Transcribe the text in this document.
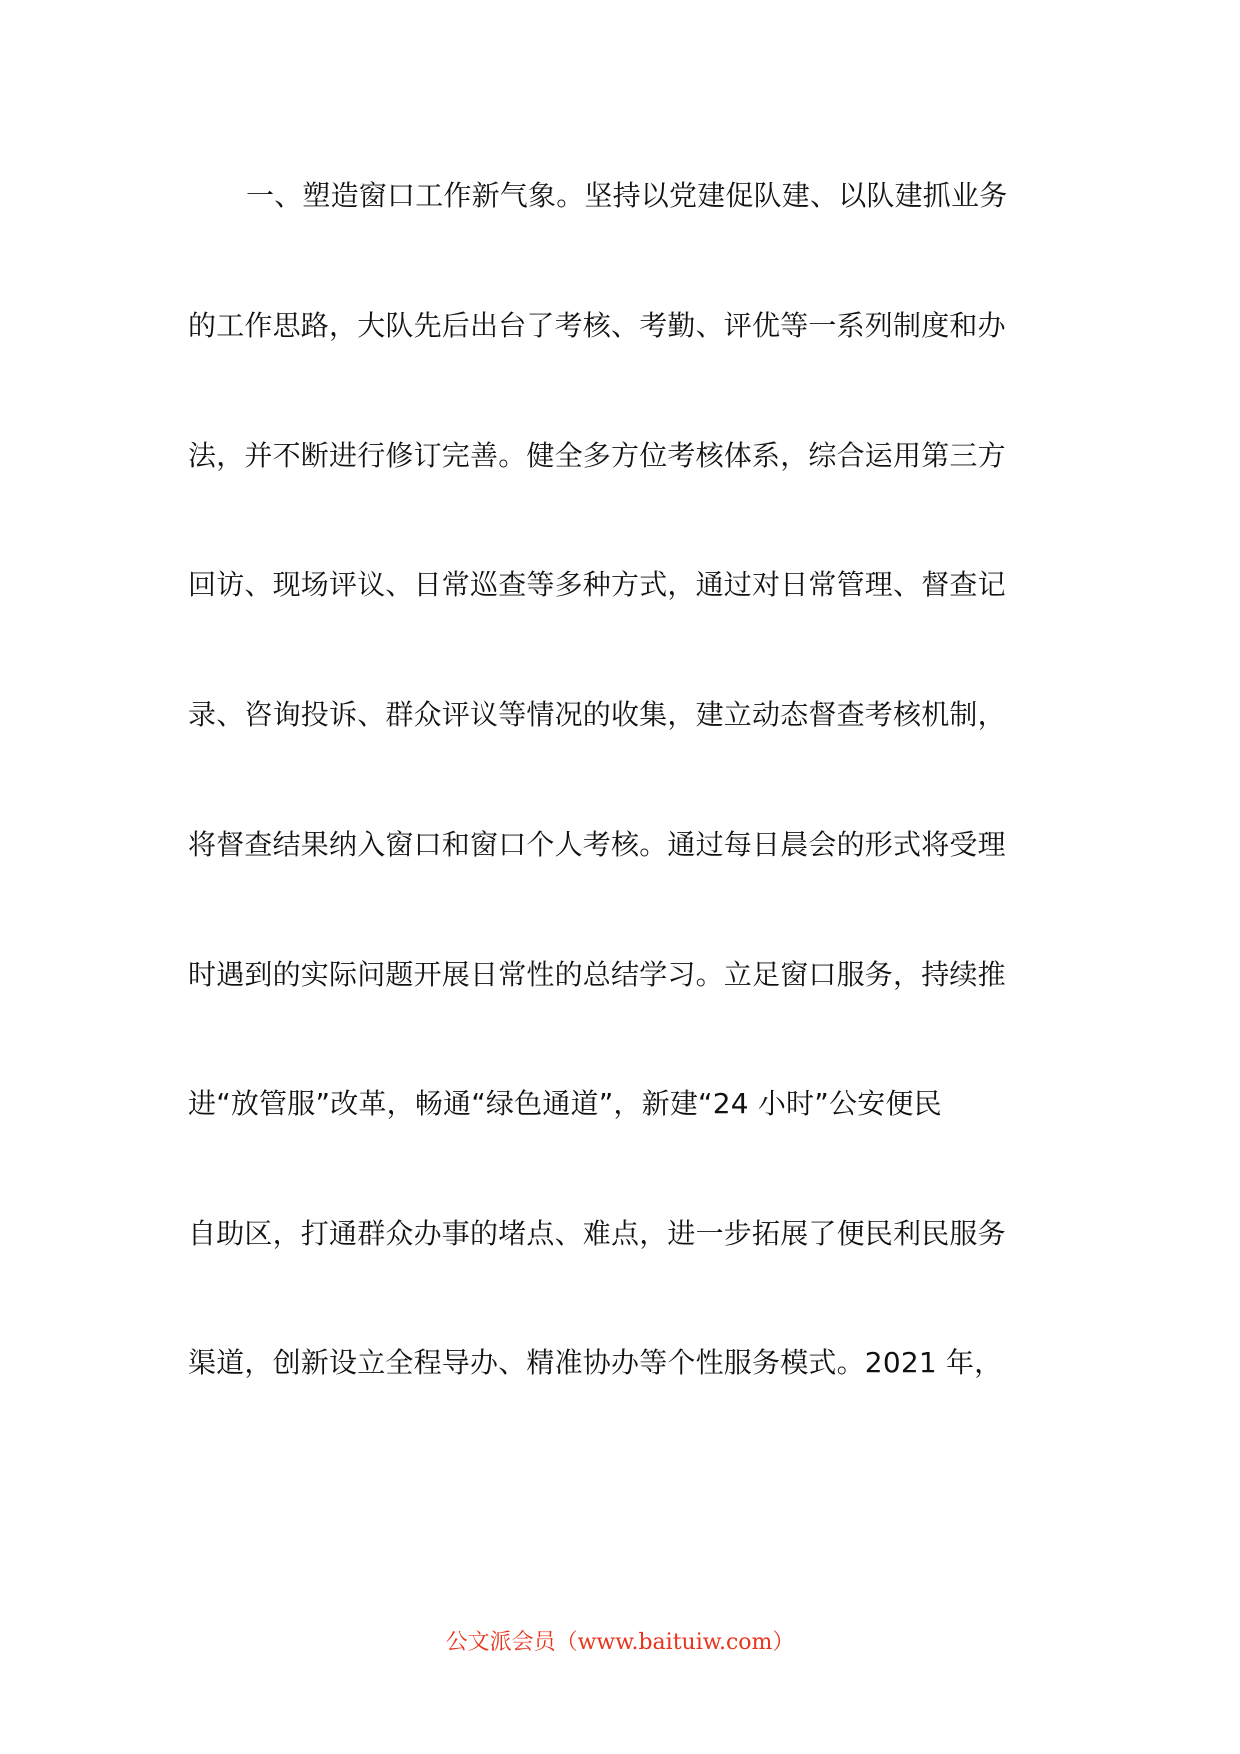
一、塑造窗口工作新气象。坚持以党建促队建、以队建抓业务
的工作思路，大队先后出台了考核、考勤、评优等一系列制度和办
法，并不断进行修订完善。健全多方位考核体系，综合运用第三方
回访、现场评议、日常巡查等多种方式，通过对日常管理、督查记
录、咨询投诉、群众评议等情况的收集，建立动态督查考核机制，
将督查结果纳入窗口和窗口个人考核。通过每日晨会的形式将受理
时遇到的实际问题开展日常性的总结学习。立足窗口服务，持续推
进“放管服”改革，畅通“绿色通道”，新建“24 小时”公安便民
自助区，打通群众办事的堵点、难点，进一步拓展了便民利民服务
渠道，创新设立全程导办、精准协办等个性服务模式。2021 年，
公文派会员（www.baituiw.com）
